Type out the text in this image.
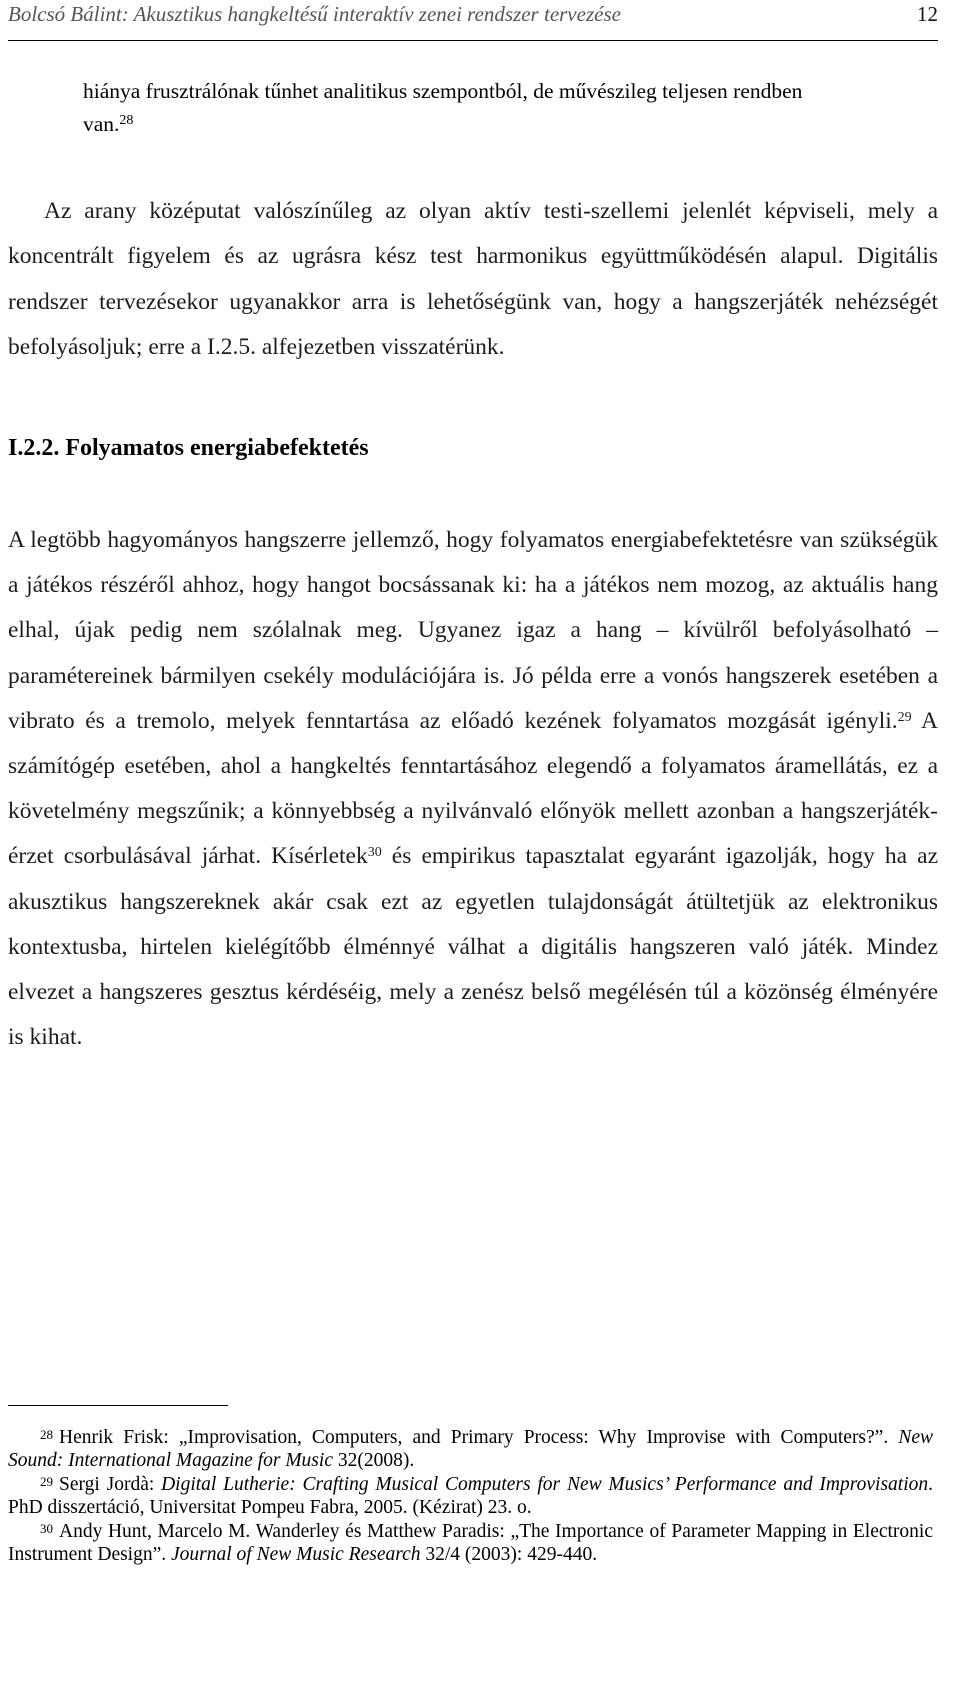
Bolcsó Bálint: Akusztikus hangkeltésű interaktív zenei rendszer tervezése	12
hiánya frusztrálónak tűnhet analitikus szempontból, de művészileg teljesen rendben
van.$^{28}$

Az arany középutat valószínűleg az olyan aktív testi-szellemi jelenlét képviseli, mely a koncentrált figyelem és az ugrásra kész test harmonikus együttműködésén alapul. Digitális rendszer tervezésekor ugyanakkor arra is lehetőségünk van, hogy a hangszerjáték nehézségét befolyásoljuk; erre a I.2.5. alfejezetben visszatérünk.

I.2.2. Folyamatos energiabefektetés

A legtöbb hagyományos hangszerre jellemző, hogy folyamatos energiabefektetésre van szükségük a játékos részéről ahhoz, hogy hangot bocsássanak ki: ha a játékos nem mozog, az aktuális hang elhal, újak pedig nem szólalnak meg. Ugyanez igaz a hang – kívülről befolyásolható – paramétereinek bármilyen csekély modulációjára is. Jó példa erre a vonós hangszerek esetében a vibrato és a tremolo, melyek fenntartása az előadó kezének folyamatos mozgását igényli.$^{29}$ A számítógép esetében, ahol a hangkeltés fenntartásához elegendő a folyamatos áramellátás, ez a követelmény megszűnik; a könnyebbség a nyilvánvaló előnyök mellett azonban a hangszerjáték-érzet csorbulásával járhat. Kísérletek$^{30}$ és empirikus tapasztalat egyaránt igazolják, hogy ha az akusztikus hangszereknek akár csak ezt az egyetlen tulajdonságát átültetjük az elektronikus kontextusba, hirtelen kielégítőbb élménnyé válhat a digitális hangszeren való játék. Mindez elvezet a hangszeres gesztus kérdéséig, mely a zenész belső megélésén túl a közönség élményére is kihat.

$^{28}$ Henrik Frisk: „Improvisation, Computers, and Primary Process: Why Improvise with Computers?”. New Sound: International Magazine for Music 32(2008).

$^{29}$ Sergi Jordà: Digital Lutherie: Crafting Musical Computers for New Musics’ Performance and Improvisation. PhD disszertáció, Universitat Pompeu Fabra, 2005. (Kézirat) 23. o.

$^{30}$ Andy Hunt, Marcelo M. Wanderley és Matthew Paradis: „The Importance of Parameter Mapping in Electronic Instrument Design”. Journal of New Music Research 32/4 (2003): 429-440.
